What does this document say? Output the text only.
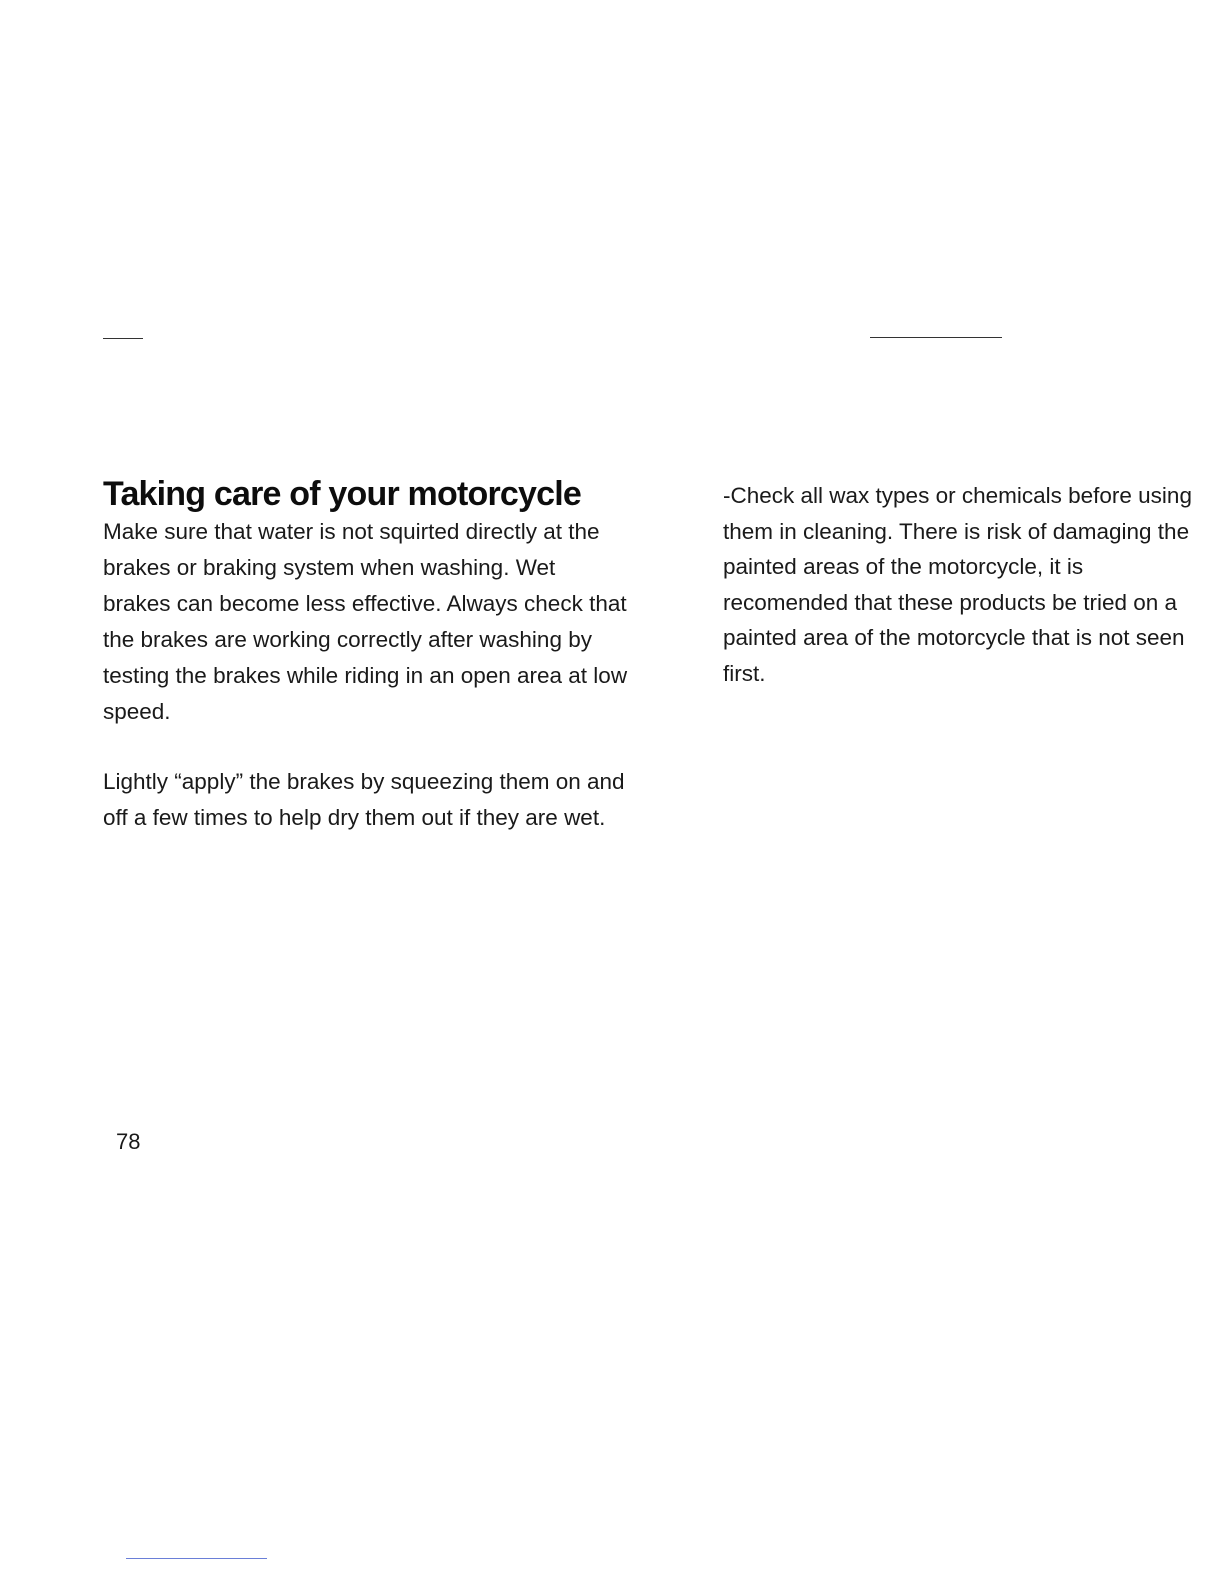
Taking care of your motorcycle

Make sure that water is not squirted directly at the brakes or braking system when washing. Wet brakes can become less effective. Always check that the brakes are working correctly after washing by testing the brakes while riding in an open area at low speed.

Lightly “apply” the brakes by squeezing them on and off a few times to help dry them out if they are wet.

-Check all wax types or chemicals before using them in cleaning. There is risk of damaging the painted areas of the motorcycle, it is recomended that these products be tried on a painted area of the motorcycle that is not seen first.

78
